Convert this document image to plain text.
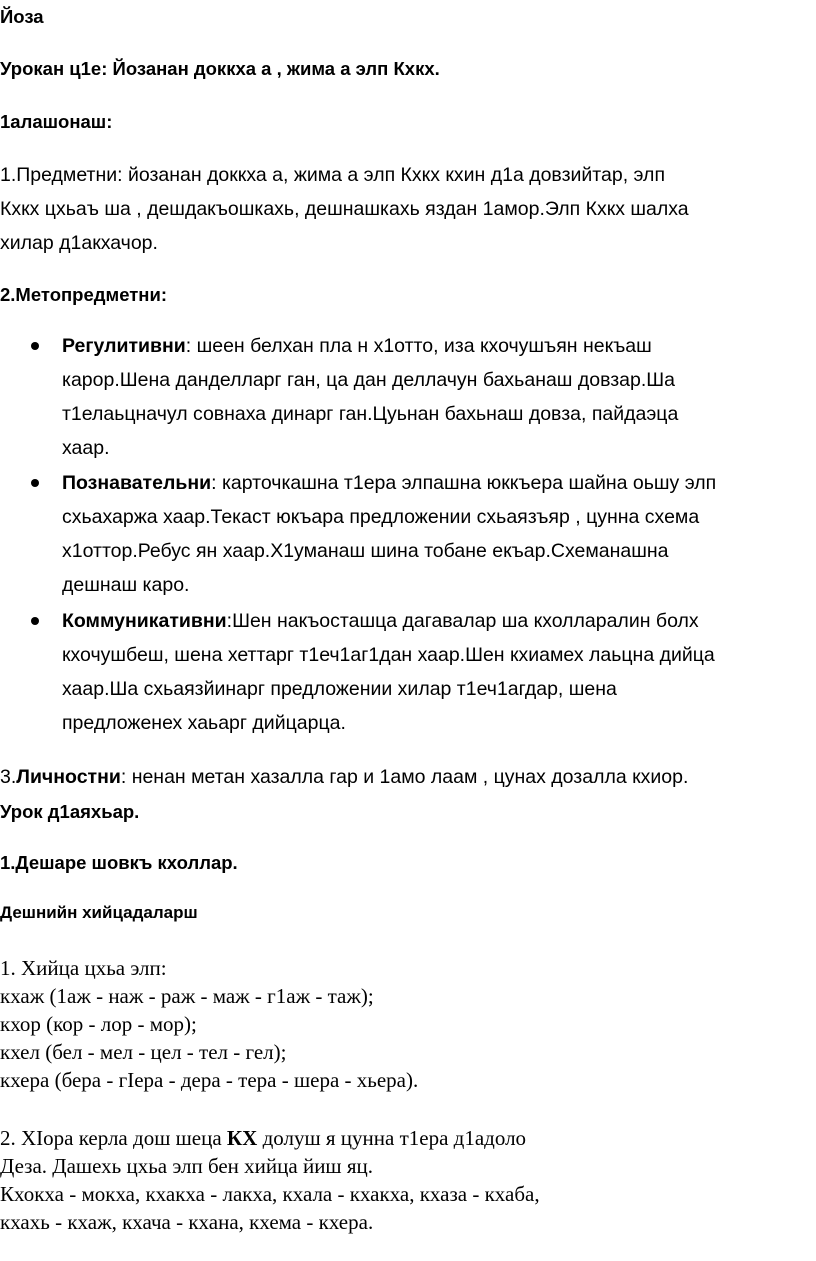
Йоза
Урокан ц1е: Йозанан доккха а , жима а элп Кхкх.
1алашонаш:
1.Предметни: йозанан доккха а, жима а элп Кхкх кхин д1а довзийтар, элп
Кхкх цхьаъ ша , дешдакъошкахь, дешнашкахь яздан 1амор.Элп Кхкх шалха
хилар д1акхачор.
2.Метопредметни:
Регулитивни: шеен белхан пла н х1отто, иза кхочушъян некъаш
карор.Шена данделларг ган, ца дан деллачун бахьанаш довзар.Ша
т1елаьцначул совнаха динарг ган.Цуьнан бахьнаш довза, пайдаэца
хаар.
Познавательни: карточкашна т1ера элпашна юккъера шайна оьшу элп
схьахаржа хаар.Текаст юкъара предложении схьаязъяр , цунна схема
х1оттор.Ребус ян хаар.Х1уманаш шина тобане екъар.Схеманашна
дешнаш каро.
Коммуникативни:Шен накъосташца дагавалар ша кхолларалин болх
кхочушбеш, шена хеттарг т1еч1аг1дан хаар.Шен кхиамех лаьцна дийца
хаар.Ша схьаязйинарг предложении хилар т1еч1агдар, шена
предложенех хаьарг дийцарца.
3.Личностни: ненан метан хазалла гар и 1амо лаам , цунах дозалла кхиор.
Урок д1аяхьар.
1.Дешаре шовкъ кхоллар.
Дешнийн хийцадаларш
1. Хийца цхьа элп:
кхаж (1аж - наж - раж - маж - г1аж - таж);
кхор (кор - лор - мор);
кхел (бел - мел - цел - тел - гел);
кхера (бера - гIера - дера - тера - шера - хьера).
2. XIора керла дош шеца КХ долуш я цунна т1ера д1адоло
Деза. Дашехь цхьа элп бен хийца йиш яц.
Кхокха - мокха, кхакха - лакха, кхала - кхакха, кхаза - кхаба,
кхахь - кхаж, кхача - кхана, кхема - кхера.
